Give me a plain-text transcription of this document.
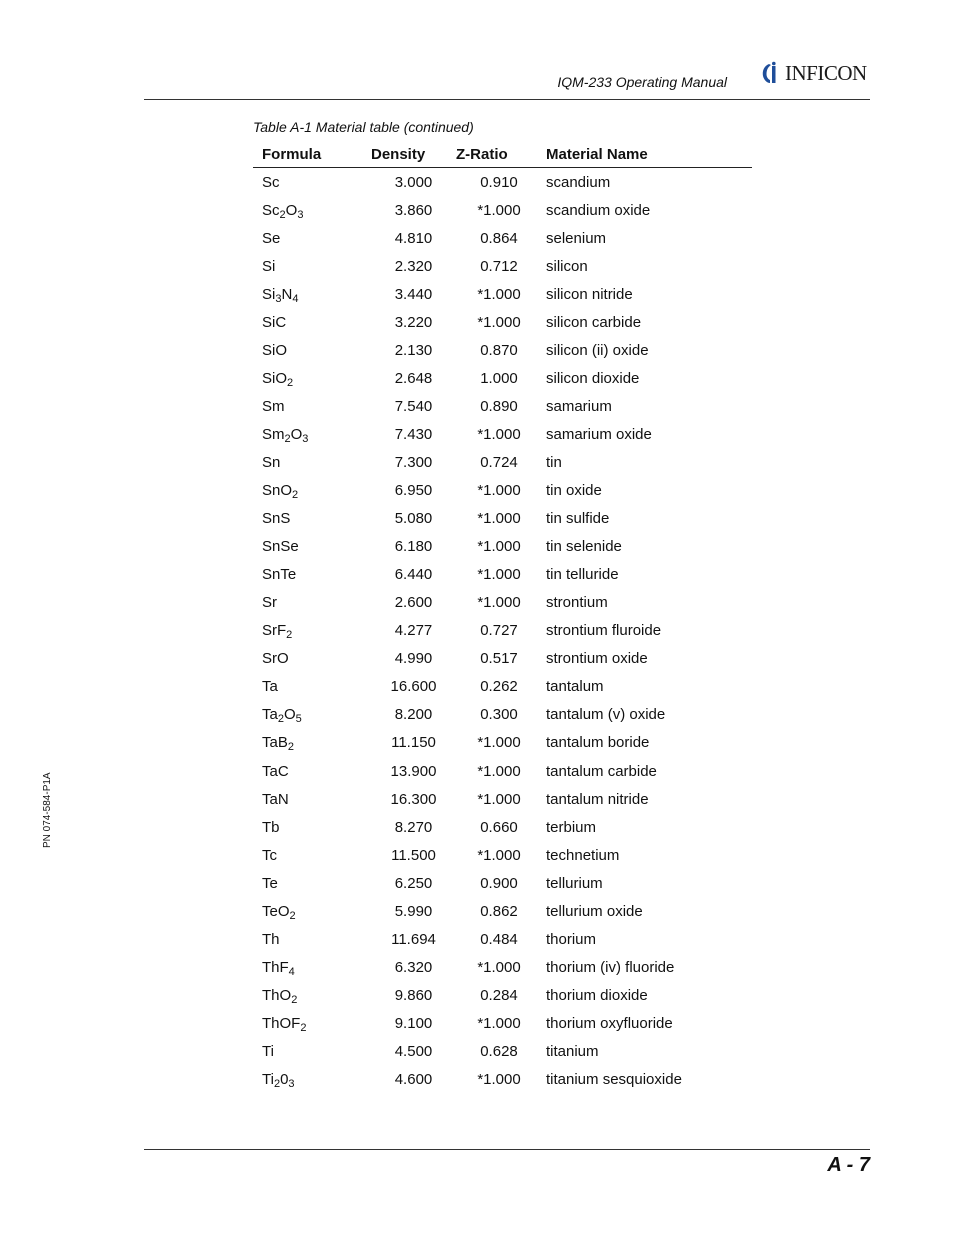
IQM-233 Operating Manual	INFICON
PN 074-584-P1A
Table A-1 Material table (continued)
Formula	Density	Z-Ratio	Material Name
Sc	3.000	0.910	scandium
$Sc_2O_3$	3.860	*1.000	scandium oxide
Se	4.810	0.864	selenium
Si	2.320	0.712	silicon
$Si_3N_4$	3.440	*1.000	silicon nitride
SiC	3.220	*1.000	silicon carbide
SiO	2.130	0.870	silicon (ii) oxide
SiO$_2$	2.648	1.000	silicon dioxide
Sm	7.540	0.890	samarium
$Sm_2O_3$	7.430	*1.000	samarium oxide
Sn	7.300	0.724	tin
SnO$_2$	6.950	*1.000	tin oxide
SnS	5.080	*1.000	tin sulfide
SnSe	6.180	*1.000	tin selenide
SnTe	6.440	*1.000	tin telluride
Sr	2.600	*1.000	strontium
SrF$_2$	4.277	0.727	strontium fluroide
SrO	4.990	0.517	strontium oxide
Ta	16.600	0.262	tantalum
$Ta_2O_5$	8.200	0.300	tantalum (v) oxide
TaB$_2$	11.150	*1.000	tantalum boride
TaC	13.900	*1.000	tantalum carbide
TaN	16.300	*1.000	tantalum nitride
Tb	8.270	0.660	terbium
Tc	11.500	*1.000	technetium
Te	6.250	0.900	tellurium
TeO$_2$	5.990	0.862	tellurium oxide
Th	11.694	0.484	thorium
ThF$_4$	6.320	*1.000	thorium (iv) fluoride
ThO$_2$	9.860	0.284	thorium dioxide
ThOF$_2$	9.100	*1.000	thorium oxyfluoride
Ti	4.500	0.628	titanium
$Ti_20_3$	4.600	*1.000	titanium sesquioxide
A - 7
